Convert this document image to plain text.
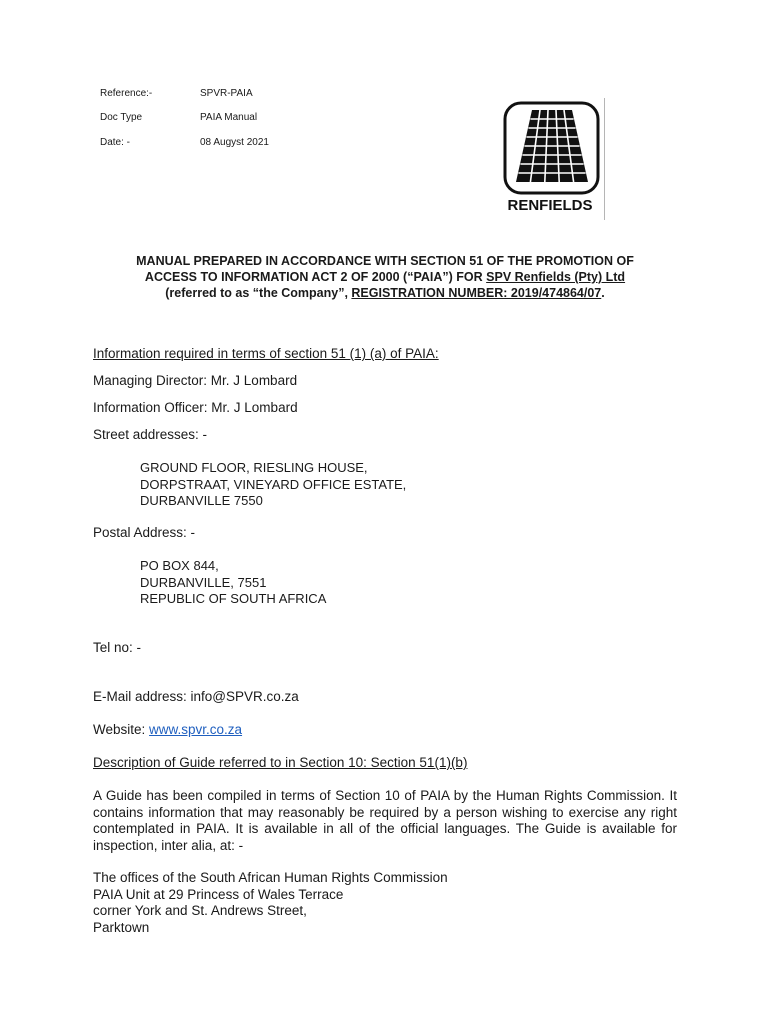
Reference:-	SPVR-PAIA
Doc Type	PAIA Manual
Date: -	08 Augyst 2021
RENFIELDS
MANUAL PREPARED IN ACCORDANCE WITH SECTION 51 OF THE PROMOTION OF
ACCESS TO INFORMATION ACT 2 OF 2000 (“PAIA”) FOR SPV Renfields (Pty) Ltd
(referred to as “the Company”, REGISTRATION NUMBER: 2019/474864/07.
Information required in terms of section 51 (1) (a) of PAIA:
Managing Director: Mr. J Lombard
Information Officer: Mr. J Lombard
Street addresses: -
GROUND FLOOR, RIESLING HOUSE,
DORPSTRAAT, VINEYARD OFFICE ESTATE,
DURBANVILLE 7550
Postal Address: -
PO BOX 844,
DURBANVILLE, 7551
REPUBLIC OF SOUTH AFRICA
Tel no: -
E-Mail address: info@SPVR.co.za
Website: www.spvr.co.za
Description of Guide referred to in Section 10: Section 51(1)(b)
A Guide has been compiled in terms of Section 10 of PAIA by the Human Rights Commission. It contains information that may reasonably be required by a person wishing to exercise any right contemplated in PAIA. It is available in all of the official languages. The Guide is available for inspection, inter alia, at: -
The offices of the South African Human Rights Commission
PAIA Unit at 29 Princess of Wales Terrace
corner York and St. Andrews Street,
Parktown
